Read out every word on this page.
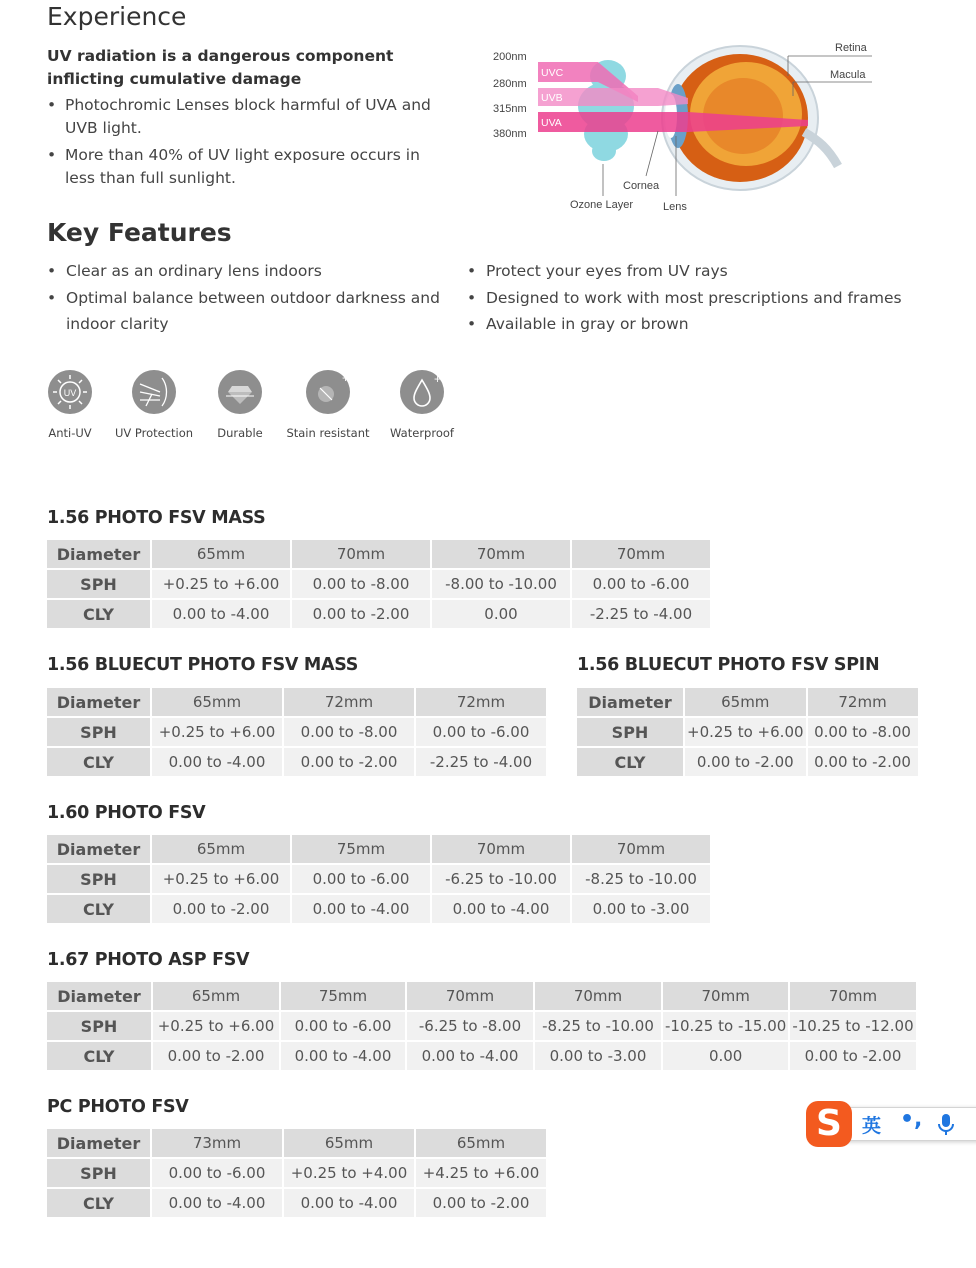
Experience

UV radiation is a dangerous component inflicting cumulative damage

• Photochromic Lenses block harmful of UVA and UVB light.
• More than 40% of UV light exposure occurs in less than full sunlight.
UVC
UVB
UVA
200nm
280nm
315nm
380nm
Retina
Macula
Ozone Layer
Cornea
Lens
Key Features
• Clear as an ordinary lens indoors
• Optimal balance between outdoor darkness and indoor clarity
• Protect your eyes from UV rays
• Designed to work with most prescriptions and frames
• Available in gray or brown
UV
Anti-UV	UV Protection	Durable
+
Stain resistant
+
Waterproof
1.56 PHOTO FSV MASS
Diameter	65mm	70mm	70mm	70mm
SPH	+0.25 to +6.00	0.00 to -8.00	-8.00 to -10.00	0.00 to -6.00
CLY	0.00 to -4.00	0.00 to -2.00	0.00	-2.25 to -4.00
1.56 BLUECUT PHOTO FSV MASS
Diameter	65mm	72mm	72mm
SPH	+0.25 to +6.00	0.00 to -8.00	0.00 to -6.00
CLY	0.00 to -4.00	0.00 to -2.00	-2.25 to -4.00
1.56 BLUECUT PHOTO FSV SPIN
Diameter	65mm	72mm
SPH	+0.25 to +6.00	0.00 to -8.00
CLY	0.00 to -2.00	0.00 to -2.00
1.60 PHOTO FSV
Diameter	65mm	75mm	70mm	70mm
SPH	+0.25 to +6.00	0.00 to -6.00	-6.25 to -10.00	-8.25 to -10.00
CLY	0.00 to -2.00	0.00 to -4.00	0.00 to -4.00	0.00 to -3.00
1.67 PHOTO ASP FSV
Diameter	65mm	75mm	70mm	70mm	70mm	70mm
SPH	+0.25 to +6.00	0.00 to -6.00	-6.25 to -8.00	-8.25 to -10.00	-10.25 to -15.00	-10.25 to -12.00
CLY	0.00 to -2.00	0.00 to -4.00	0.00 to -4.00	0.00 to -3.00	0.00	0.00 to -2.00
PC PHOTO FSV
Diameter	73mm	65mm	65mm
SPH	0.00 to -6.00	+0.25 to +4.00	+4.25 to +6.00
CLY	0.00 to -4.00	0.00 to -4.00	0.00 to -2.00
S	英 •,
